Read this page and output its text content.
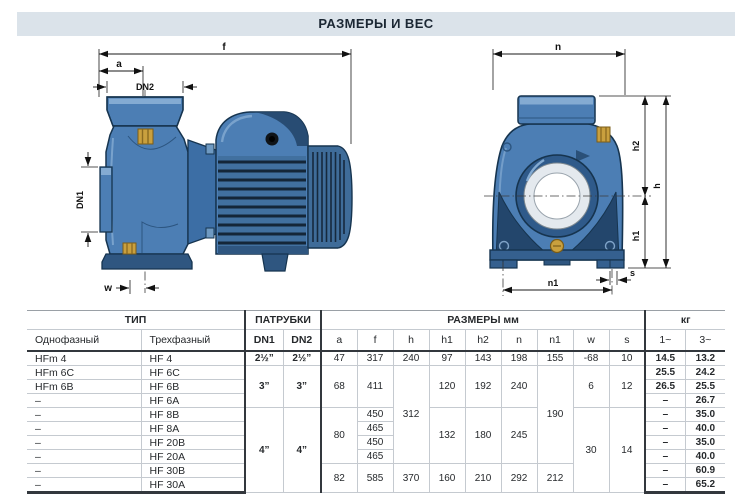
РАЗМЕРЫ И ВЕС
f
a
DN2
DN1
w
n
h2
h1
h
s
n1
ТИП		ПАТРУБКИ		РАЗМЕРЫ мм									кг	
Однофазный	Трехфазный	DN1	DN2	a	f	h	h1	h2	n	n1	w	s	1~	3~
HFm 4	HF 4	2½”	2½”	47	317	240	97	143	198	155	-68	10	14.5	13.2
HFm 6C	HF 6C	3”	3”	68	411	312	120	192	240	190	6	12	25.5	24.2
HFm 6B	HF 6B												26.5	25.5
–	HF 6A												–	26.7
–	HF 8B	4”	4”	80	450		132	180	245		30	14	–	35.0
–	HF 8A				465								–	40.0
–	HF 20B				450								–	35.0
–	HF 20A				465								–	40.0
–	HF 30B			82	585	370	160	210	292	212			–	60.9
–	HF 30A												–	65.2
